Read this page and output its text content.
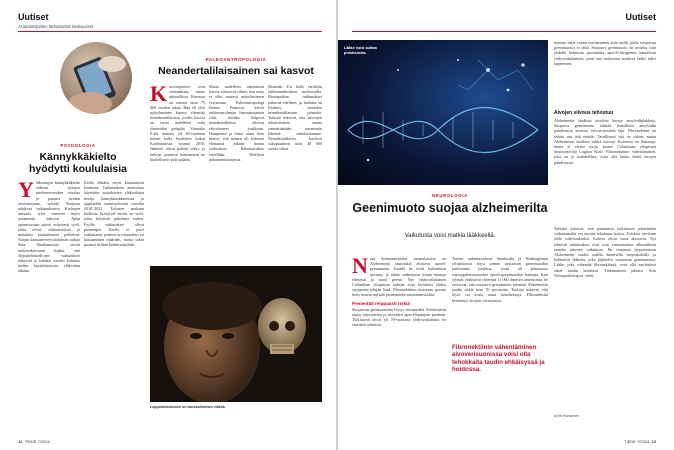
Uutiset
Asiantuntijoiden tarkastamat tiedeuutiset
PSYKOLOGIA
Kännykkäkielto hyödytti koululaisia
Yläkoulujen kännykkäkielto vähensi tyttöjen mielenterveyden oireilua ja paransi heidän arvosanojaan, selviää Norjassa tehdyssä tutkimuksessa. Kieltojen ansiosta tytöt menivät myös useammin lukioon. Apua opinnoissaan saivat erityisesti tytöt, jotka olivat vähävaraisista ja matalasti koulutetuista perheistä. Norjan kansanterveyslaitoksen tutkija Sara Abrahamsson osoitti tutkimuksessaan lisäksi, että älypuhelinkieltojen vaikutukset näkyivät jo kahden vuoden kuluttua niiden käyttöönotosta yläkoulun aikana.
Kielto ehkäisi myös kiusaamista koulussa. Tutkimuksen aineistona käytettiin norjalaisten yläkoulujen tietoja kännykkäsäännöistä ja oppilaiden menestyksestä vuosilta 2010–2021. Tulosten mukaan kiellosta hyötyivät eniten ne tytöt, jotka käyttivät puhelinta eniten. Pojilla vaikutukset olivat pienempiä. Kielto ei juuri vaikuttanut poikien arvosanoihin tai kiusaamisen määrään, mutta sekin paransi heidän keskittymistään.
PALEOANTROPOLOGIA
Neandertalilaisainen sai kasvot
Kasvonpiirteet ovat voimakkaat, mutta inhimilliset. Kuvassa on nainen noin 75 000 vuoden takaa. Hän oli yksi nykyihminen kanssa eläneistä neandertalilaisista, joiden kasvot on tuotu uudelleen esiin jäänteiden pohjalta. Shanidar Z:ksi nimetty yli 40-vuotiaan naisen kallo löydettiin Irakin Kurdistanissa vuonna 2018. Jäänteet olivat pahasti rikki, ja tutkijat joutuivat kokoamaan ne huolellisesti pala palalta.
Mutta uudelleen rakennetut kasvot viittaavat siihen, että eroja ei ollut suuresti nykyihmiseen verrattuna. Paleoantropologi Emma Pomeroy kertoi tutkimusryhmän hämmästyneen siitä, kuinka helposti neandertalilaiset olisivat sekoittuneet joukkoon. Hampaista ja luista saatu tieto kertoo, että nainen oli kokenut elämänsä aikana monia vaikeuksia. Rekonstruktio esitellään Netflixin dokumenttisarjassa.
Shanidar Z:n kallo esiteltiin tutkimuslaitoksen nettisivuilla. Hautapaikan tutkimukset jatkuvat edelleen, ja luolasta on löydetty muitakin neandertalilaisten jäänteitä. Tutkijat uskovat, että kasvojen rekonstruktio auttaa ymmärtämään paremmin läheisiä sukulaisiamme. Neandertalilaiset kuolivat sukupuuttoon noin 40 000 vuotta sitten.
Loppuluhkokonen on kanssaihmisen näköä.
12 TIEDE 7/2024
Uutiset
Lääke voisi auttaa puhdistusta.
NEUROLOGIA
Geenimuoto suojaa alzheimerilta
Vaikutusta voisi matkia lääkkeellä.
Noin kolmannekselta suomalaisista on Alzheimerin tautiriskiä altistava apoe4-geenimuoto. Kaikki he eivät kuitenkaan sairastu, ja tähän vaikuttavat muun muassa elintavat ja muut geenit. Nyt yhdysvaltalaisen Columbian yliopiston tutkijat ovat löytäneet yhden suojaavan tekijän lisää. Fibronektiinin tuottavan geenin tietty muoto näyttää pienentävän sairastumisriskiä.
Pienentää reippaasti riskiä
Suojaavan geenimuodon löytyi vertaamalla Alzheimerin tautia sairastavien ja terveiden apoe4-kantajien perimää. Tutkittavat olivat yli 70-vuotiaita yhdysvaltalaisia eri etnisistä ryhmistä.
Toinen tutkimusryhmä Stanfordin ja Washingtonin yliopistoista löysi saman suojaavan geenimuodon tutkittuaan joukkoa, jossa oli pääasiassa eurooppalaistaustaisia apoe4-geenimuodon kantajia. Kun ryhmät yhdistivät yhteensä 11 000 ihmisen aineistonsa, he arvioivat, että suojaava geenimuoto pienensi Alzheimerin taudin riskiä noin 70 prosenttia. Tutkijat uskovat, että löytö voi avata uusia hoitokeinoja. Fibronektiini kerääntyy aivojen verisuoniin.
Fibronektiinin vähentäminen aivoverisuonissa voisi olla tehokkaita taudin ehkäisyssä ja hoidossa.
määrän neljä vuotta myöhemmin kuin niillä, joilla suojaavaa geenimuotoa ei ollut. Suojaava geenimuoto on arviolta vain yhdellä kolmesta prosentista apoe4-riskigeenin kantavista yhdysvaltalaisista, joten sen vaikutusta matkiva lääke tulisi tarpeeseen.
Aivojen siivous tehostuu
Alzheimerin taudissa aivoihin kertyy amyloidiplakkeja. Suojaava geenimuoto edistää haitallisen amyloidin puhdistusta aivoista veri-aivoesteen läpi. Fibronektiini on tärkeä osa tätä estettä. Tavallisesti sitä on vähän, mutta Alzheimerin taudissa määrä kasvaa. Kyseessä on lisäsuoja, mutta ei varma suoja, kertoo Columbian yliopiston neurotieteilijä Caghan Kizil. Fibronektiinin vähentäminen, joka on jo mahdollista, voisi olla keino lisätä aivojen puhdistusta.
Tutkijat uskovat, että paremmin tutkimisen päätelmien vaikuttamalla voi tuottaa tehokasta hoitoa. Tuloksia tarvitaan vielä vahvistukseksi. Kokeet olivat vasta alustavia. Nyt tehtävät tutkimukset ovat osin ensimmäisen alkuvaiheen ennalta tulosten tutkimista. He testaavat hypoteesiaan Alzheimerin taudin mallia kantavilla seeprakaloilla ja kehittävät lääkettä, joka jäljittelisi suojaavaa geenimuotoa. Lääke, joka vähentää fibronektiiniä, voisi olla merkittävä askel taudin hoidossa. Tutkimuksen julkaisi Acta Neuropathologica -lehti.
Antti Rantanen
TIEDE 7/2024 13
